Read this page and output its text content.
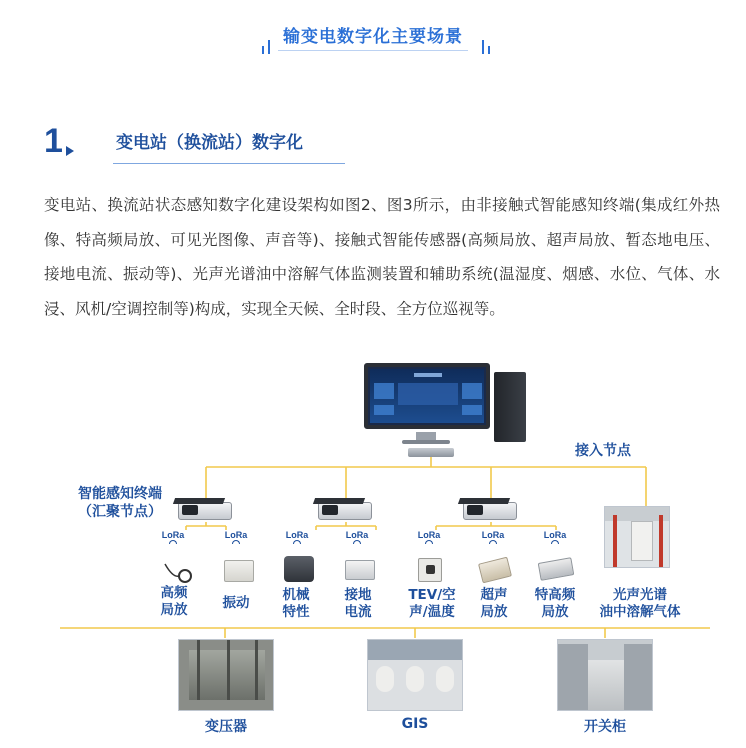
输变电数字化主要场景
1	变电站（换流站）数字化
变电站、换流站状态感知数字化建设架构如图2、图3所示，由非接触式智能感知终端(集成红外热像、特高频局放、可见光图像、声音等)、接触式智能传感器(高频局放、超声局放、暂态地电压、接地电流、振动等)、光声光谱油中溶解气体监测装置和辅助系统(温湿度、烟感、水位、气体、水浸、风机/空调控制等)构成，实现全天候、全时段、全方位巡视等。
接入节点
智能感知终端
（汇聚节点）
LoRa	LoRa	LoRa	LoRa	LoRa	LoRa	LoRa
高频
局放	振动	机械
特性
接地
电流
TEV/空
声/温度
超声
局放
特高频
局放
光声光谱
油中溶解气体
变压器	GIS	开关柜
